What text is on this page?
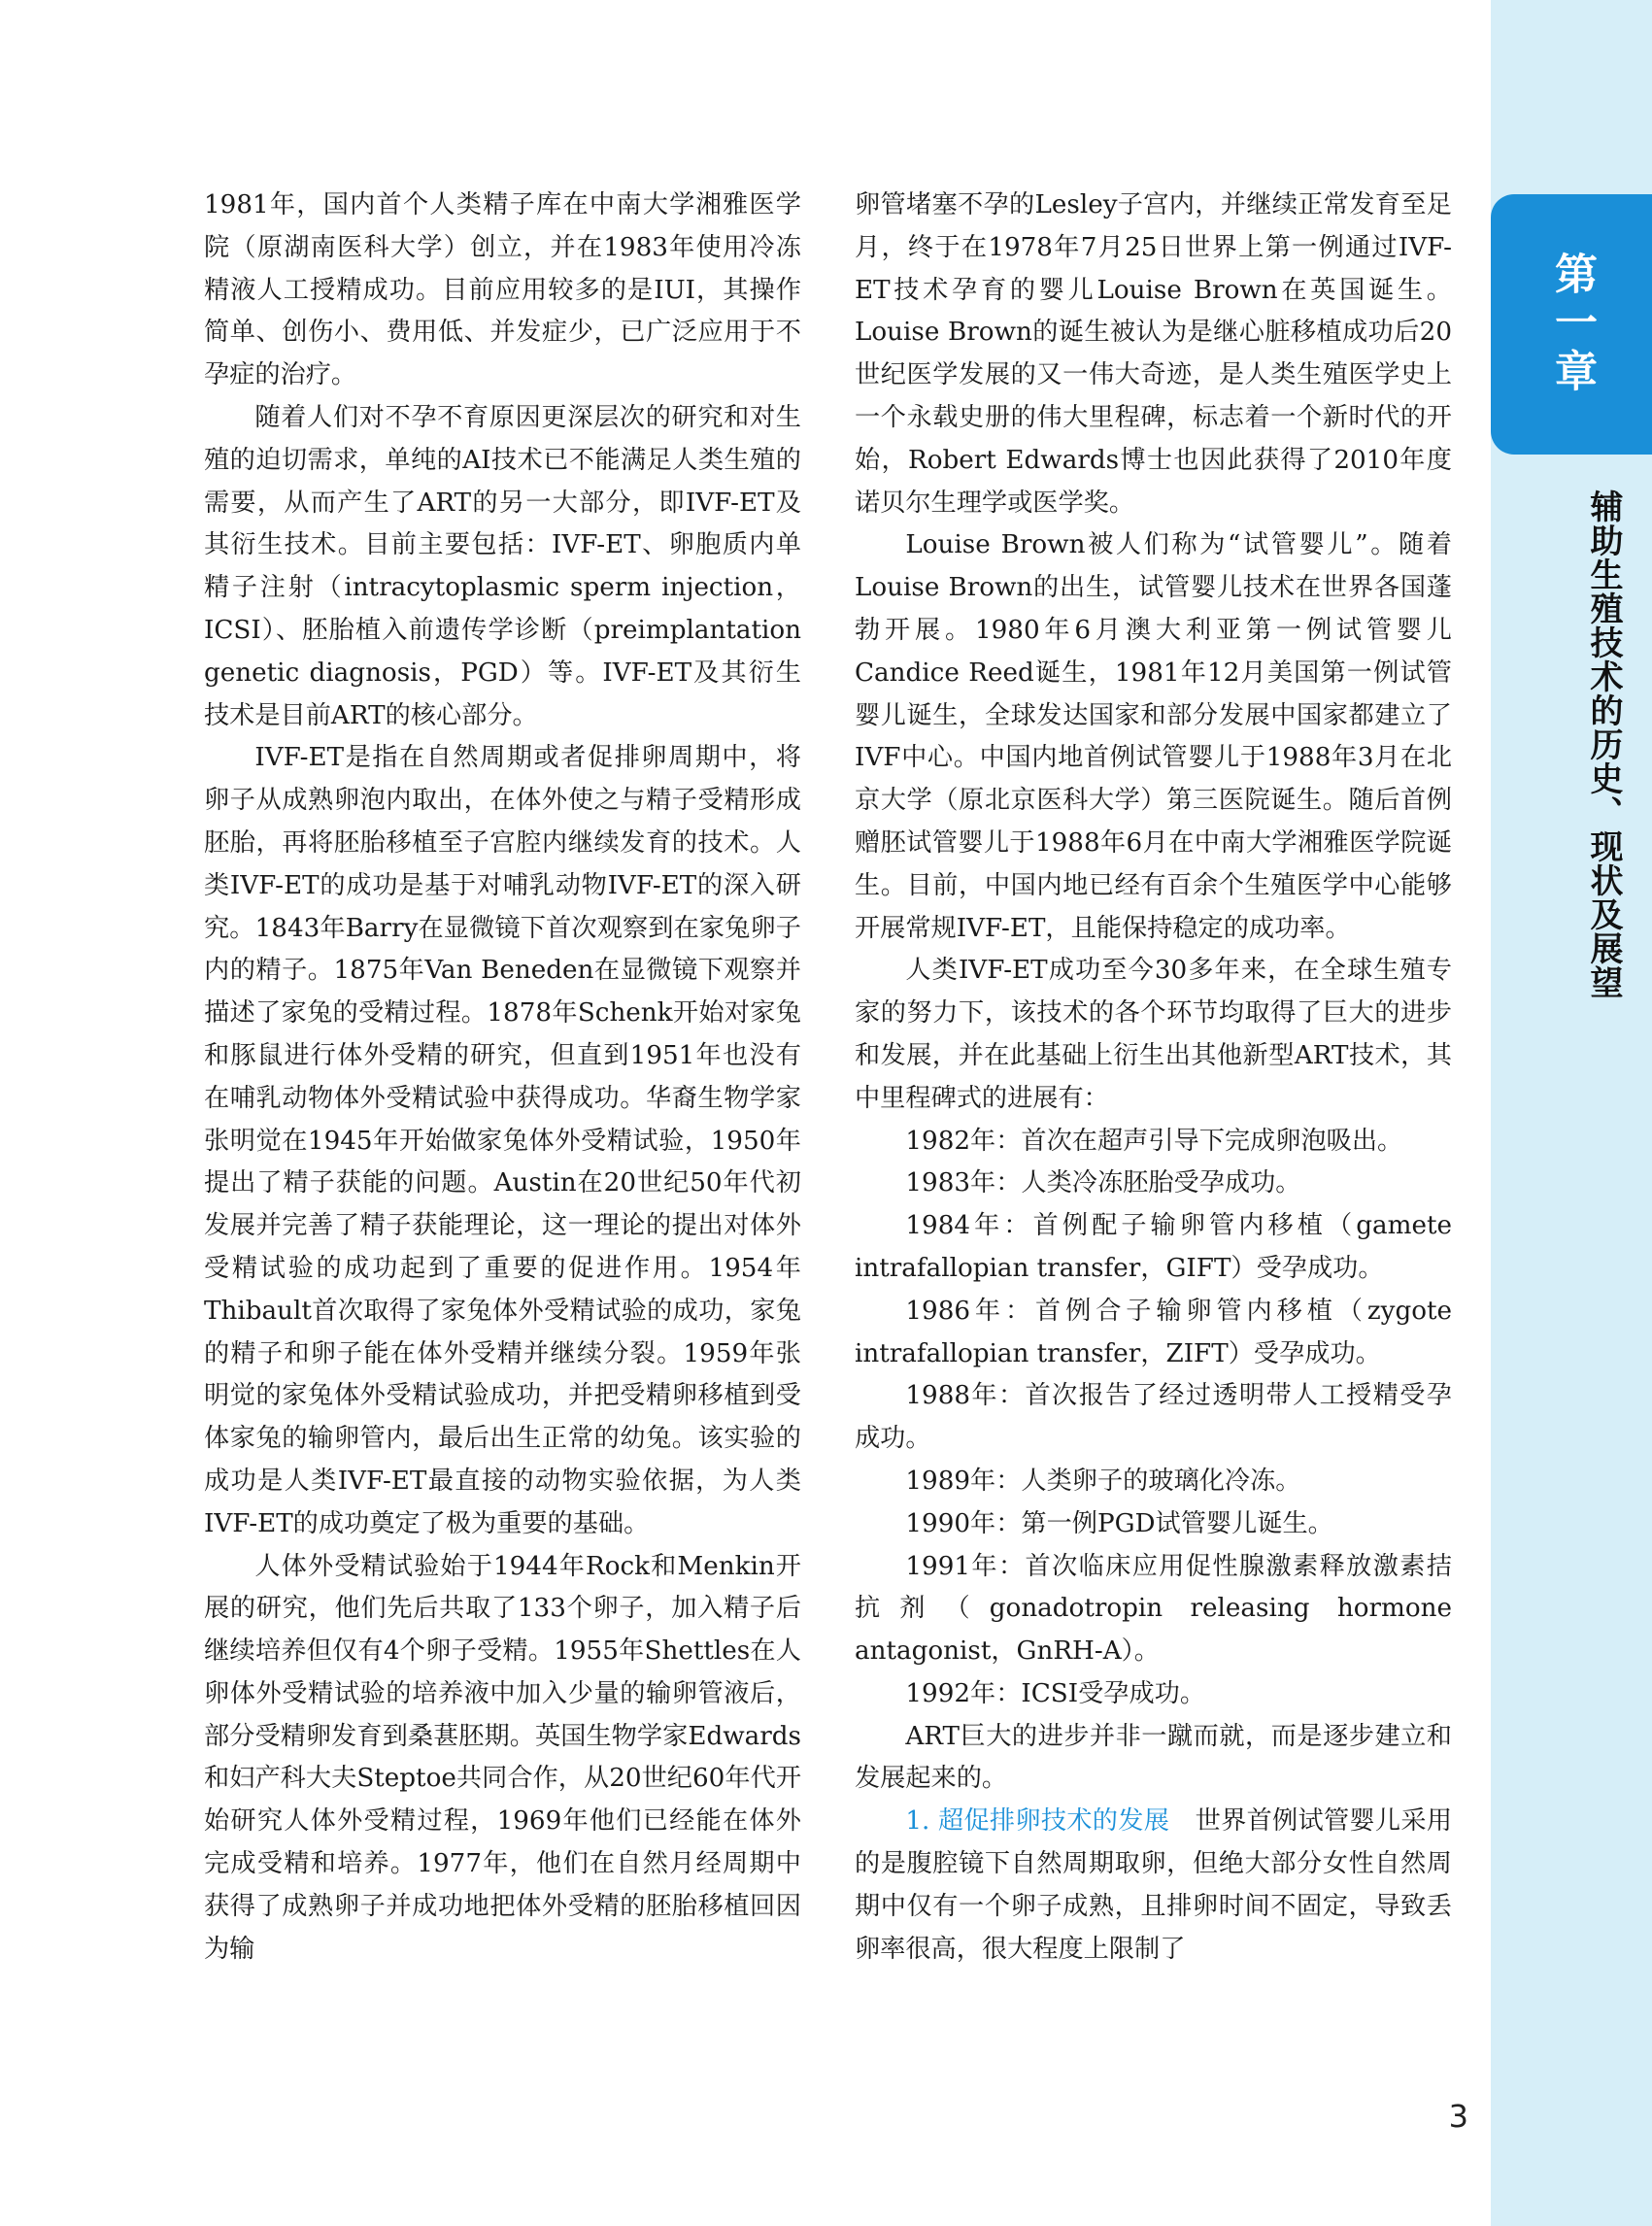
第一章
辅助生殖技术的历史、现状及展望

1981年，国内首个人类精子库在中南大学湘雅医学院（原湖南医科大学）创立，并在1983年使用冷冻精液人工授精成功。目前应用较多的是IUI，其操作简单、创伤小、费用低、并发症少，已广泛应用于不孕症的治疗。

随着人们对不孕不育原因更深层次的研究和对生殖的迫切需求，单纯的AI技术已不能满足人类生殖的需要，从而产生了ART的另一大部分，即IVF-ET及其衍生技术。目前主要包括：IVF-ET、卵胞质内单精子注射（intracytoplasmic sperm injection，ICSI）、胚胎植入前遗传学诊断（preimplantation genetic diagnosis，PGD）等。IVF-ET及其衍生技术是目前ART的核心部分。

IVF-ET是指在自然周期或者促排卵周期中，将卵子从成熟卵泡内取出，在体外使之与精子受精形成胚胎，再将胚胎移植至子宫腔内继续发育的技术。人类IVF-ET的成功是基于对哺乳动物IVF-ET的深入研究。1843年Barry在显微镜下首次观察到在家兔卵子内的精子。1875年Van Beneden在显微镜下观察并描述了家兔的受精过程。1878年Schenk开始对家兔和豚鼠进行体外受精的研究，但直到1951年也没有在哺乳动物体外受精试验中获得成功。华裔生物学家张明觉在1945年开始做家兔体外受精试验，1950年提出了精子获能的问题。Austin在20世纪50年代初发展并完善了精子获能理论，这一理论的提出对体外受精试验的成功起到了重要的促进作用。1954年Thibault首次取得了家兔体外受精试验的成功，家兔的精子和卵子能在体外受精并继续分裂。1959年张明觉的家兔体外受精试验成功，并把受精卵移植到受体家兔的输卵管内，最后出生正常的幼兔。该实验的成功是人类IVF-ET最直接的动物实验依据，为人类IVF-ET的成功奠定了极为重要的基础。

人体外受精试验始于1944年Rock和Menkin开展的研究，他们先后共取了133个卵子，加入精子后继续培养但仅有4个卵子受精。1955年Shettles在人卵体外受精试验的培养液中加入少量的输卵管液后，部分受精卵发育到桑葚胚期。英国生物学家Edwards和妇产科大夫Steptoe共同合作，从20世纪60年代开始研究人体外受精过程，1969年他们已经能在体外完成受精和培养。1977年，他们在自然月经周期中获得了成熟卵子并成功地把体外受精的胚胎移植回因为输

卵管堵塞不孕的Lesley子宫内，并继续正常发育至足月，终于在1978年7月25日世界上第一例通过IVF-ET技术孕育的婴儿Louise Brown在英国诞生。Louise Brown的诞生被认为是继心脏移植成功后20世纪医学发展的又一伟大奇迹，是人类生殖医学史上一个永载史册的伟大里程碑，标志着一个新时代的开始，Robert Edwards博士也因此获得了2010年度诺贝尔生理学或医学奖。

Louise Brown被人们称为“试管婴儿”。随着Louise Brown的出生，试管婴儿技术在世界各国蓬勃开展。1980年6月澳大利亚第一例试管婴儿Candice Reed诞生，1981年12月美国第一例试管婴儿诞生，全球发达国家和部分发展中国家都建立了IVF中心。中国内地首例试管婴儿于1988年3月在北京大学（原北京医科大学）第三医院诞生。随后首例赠胚试管婴儿于1988年6月在中南大学湘雅医学院诞生。目前，中国内地已经有百余个生殖医学中心能够开展常规IVF-ET，且能保持稳定的成功率。

人类IVF-ET成功至今30多年来，在全球生殖专家的努力下，该技术的各个环节均取得了巨大的进步和发展，并在此基础上衍生出其他新型ART技术，其中里程碑式的进展有：

1982年：首次在超声引导下完成卵泡吸出。

1983年：人类冷冻胚胎受孕成功。

1984年：首例配子输卵管内移植（gamete intrafallopian transfer，GIFT）受孕成功。

1986年：首例合子输卵管内移植（zygote intrafallopian transfer，ZIFT）受孕成功。

1988年：首次报告了经过透明带人工授精受孕成功。

1989年：人类卵子的玻璃化冷冻。

1990年：第一例PGD试管婴儿诞生。

1991年：首次临床应用促性腺激素释放激素拮抗剂（gonadotropin releasing hormone antagonist，GnRH-A）。

1992年：ICSI受孕成功。

ART巨大的进步并非一蹴而就，而是逐步建立和发展起来的。

1. 超促排卵技术的发展　 世界首例试管婴儿采用的是腹腔镜下自然周期取卵，但绝大部分女性自然周期中仅有一个卵子成熟，且排卵时间不固定，导致丢卵率很高，很大程度上限制了

3
